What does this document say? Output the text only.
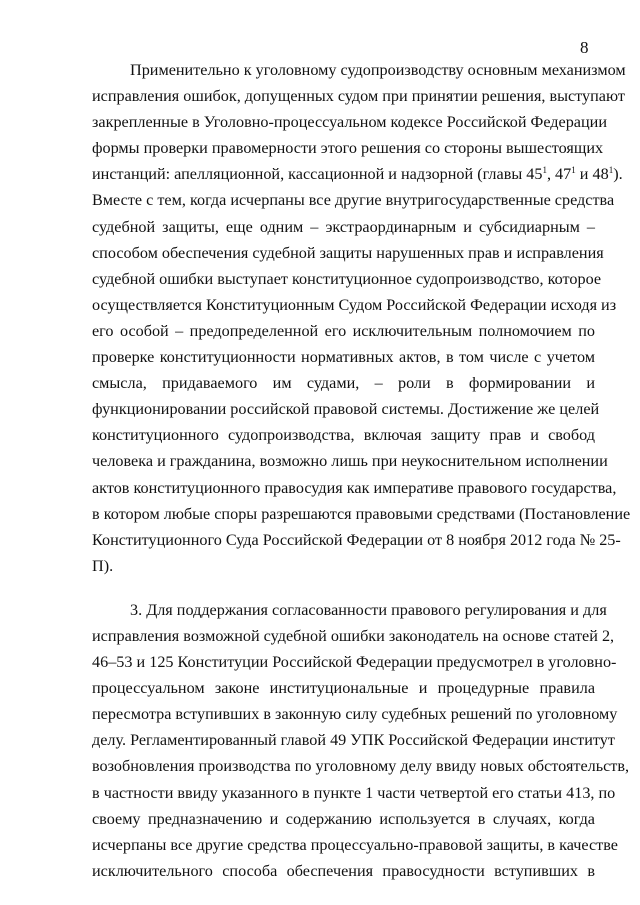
8
Применительно к уголовному судопроизводству основным механизмом
исправления ошибок, допущенных судом при принятии решения, выступают
закрепленные в Уголовно-процессуальном кодексе Российской Федерации
формы проверки правомерности этого решения со стороны вышестоящих
инстанций: апелляционной, кассационной и надзорной (главы $45^1$, $47^1$ и $48^1$).
Вместе с тем, когда исчерпаны все другие внутригосударственные средства
судебной защиты, еще одним – экстраординарным и субсидиарным –
способом обеспечения судебной защиты нарушенных прав и исправления
судебной ошибки выступает конституционное судопроизводство, которое
осуществляется Конституционным Судом Российской Федерации исходя из
его особой – предопределенной его исключительным полномочием по
проверке конституционности нормативных актов, в том числе с учетом
смысла, придаваемого им судами, – роли в формировании и
функционировании российской правовой системы. Достижение же целей
конституционного судопроизводства, включая защиту прав и свобод
человека и гражданина, возможно лишь при неукоснительном исполнении
актов конституционного правосудия как императиве правового государства,
в котором любые споры разрешаются правовыми средствами (Постановление
Конституционного Суда Российской Федерации от 8 ноября 2012 года № 25-
П).
3. Для поддержания согласованности правового регулирования и для
исправления возможной судебной ошибки законодатель на основе статей 2,
46–53 и 125 Конституции Российской Федерации предусмотрел в уголовно-
процессуальном законе институциональные и процедурные правила
пересмотра вступивших в законную силу судебных решений по уголовному
делу. Регламентированный главой 49 УПК Российской Федерации институт
возобновления производства по уголовному делу ввиду новых обстоятельств,
в частности ввиду указанного в пункте 1 части четвертой его статьи 413, по
своему предназначению и содержанию используется в случаях, когда
исчерпаны все другие средства процессуально-правовой защиты, в качестве
исключительного способа обеспечения правосудности вступивших в
